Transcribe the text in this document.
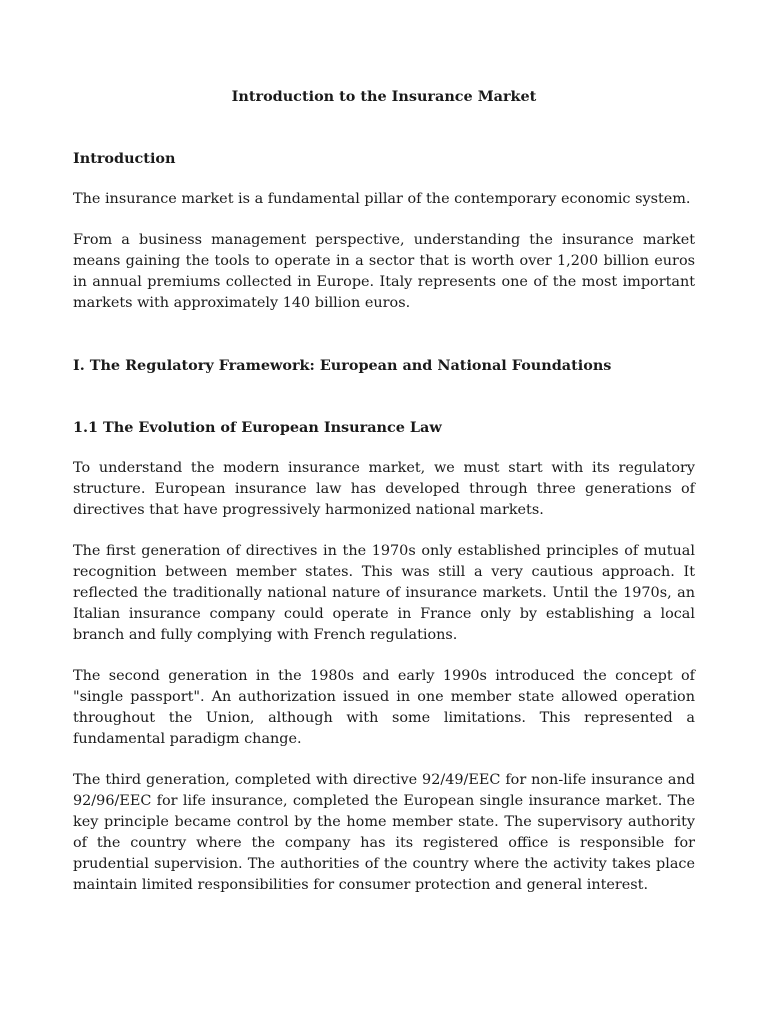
Introduction to the Insurance Market
Introduction

The insurance market is a fundamental pillar of the contemporary economic system.

From a business management perspective, understanding the insurance market means gaining the tools to operate in a sector that is worth over 1,200 billion euros in annual premiums collected in Europe. Italy represents one of the most important markets with approximately 140 billion euros.

I. The Regulatory Framework: European and National Foundations
1.1 The Evolution of European Insurance Law

To understand the modern insurance market, we must start with its regulatory structure. European insurance law has developed through three generations of directives that have progressively harmonized national markets.

The first generation of directives in the 1970s only established principles of mutual recognition between member states. This was still a very cautious approach. It reflected the traditionally national nature of insurance markets. Until the 1970s, an Italian insurance company could operate in France only by establishing a local branch and fully complying with French regulations.

The second generation in the 1980s and early 1990s introduced the concept of "single passport". An authorization issued in one member state allowed operation throughout the Union, although with some limitations. This represented a fundamental paradigm change.

The third generation, completed with directive 92/49/EEC for non-life insurance and 92/96/EEC for life insurance, completed the European single insurance market. The key principle became control by the home member state. The supervisory authority of the country where the company has its registered office is responsible for prudential supervision. The authorities of the country where the activity takes place maintain limited responsibilities for consumer protection and general interest.
